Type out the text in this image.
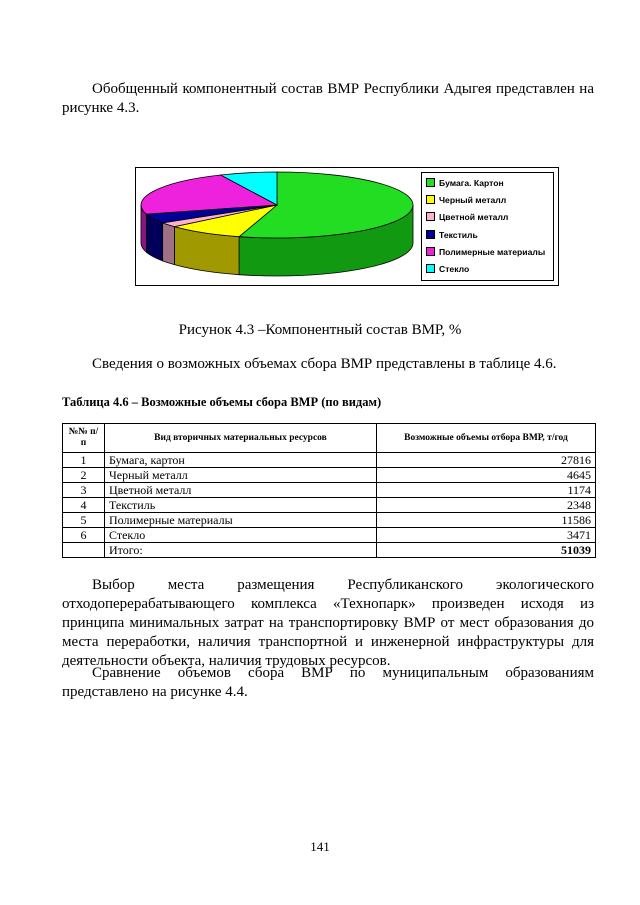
Обобщенный компонентный состав ВМР Республики Адыгея представлен на
рисунке 4.3.
Бумага. Картон
Черный металл
Цветной металл
Текстиль
Полимерные материалы
Стекло
Рисунок 4.3 –Компонентный состав ВМР, %
Сведения о возможных объемах сбора ВМР представлены в таблице 4.6.
Таблица 4.6 – Возможные объемы сбора ВМР (по видам)
№№ п/п	Вид вторичных материальных ресурсов	Возможные объемы отбора ВМР, т/год
1	Бумага, картон	27816
2	Черный металл	4645
3	Цветной металл	1174
4	Текстиль	2348
5	Полимерные материалы	11586
6	Стекло	3471
	Итого:	51039
Выбор места размещения Республиканского экологического
отходоперерабатывающего комплекса «Технопарк» произведен исходя из
принципа минимальных затрат на транспортировку ВМР от мест образования до
места переработки, наличия транспортной и инженерной инфраструктуры для
деятельности объекта, наличия трудовых ресурсов.
Сравнение объемов сбора ВМР по муниципальным образованиям
представлено на рисунке 4.4.
141
